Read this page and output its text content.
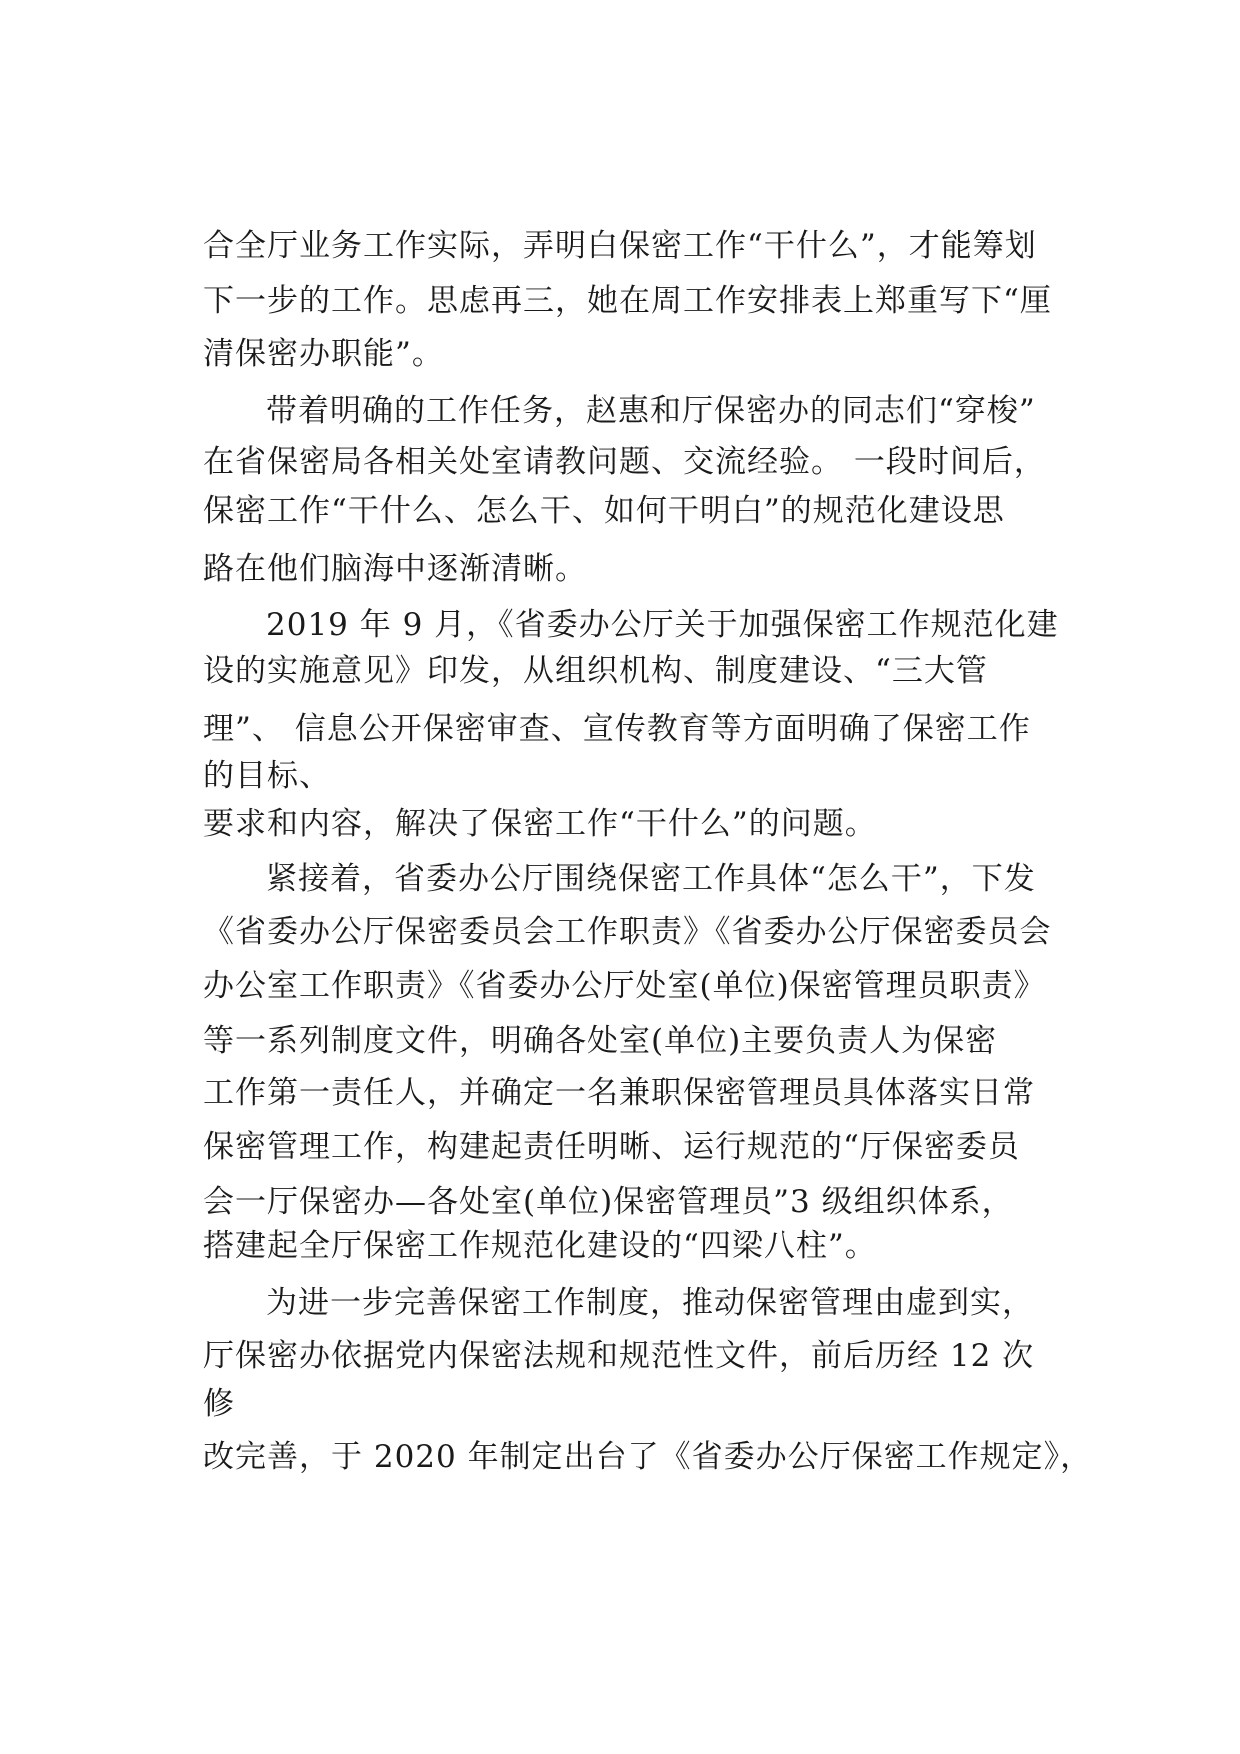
合全厅业务工作实际，弄明白保密工作“干什么”，才能筹划
下一步的工作。思虑再三，她在周工作安排表上郑重写下“厘
清保密办职能”。
带着明确的工作任务，赵惠和厅保密办的同志们“穿梭”
在省保密局各相关处室请教问题、交流经验。 一段时间后，
保密工作“干什么、怎么干、如何干明白”的规范化建设思
路在他们脑海中逐渐清晰。
2019 年 9 月，《省委办公厅关于加强保密工作规范化建
设的实施意见》印发，从组织机构、制度建设、“三大管
理”、 信息公开保密审查、宣传教育等方面明确了保密工作
的目标、
要求和内容，解决了保密工作“干什么”的问题。
紧接着，省委办公厅围绕保密工作具体“怎么干”，下发
《省委办公厅保密委员会工作职责》《省委办公厅保密委员会
办公室工作职责》《省委办公厅处室(单位)保密管理员职责》
等一系列制度文件，明确各处室(单位)主要负责人为保密
工作第一责任人，并确定一名兼职保密管理员具体落实日常
保密管理工作，构建起责任明晰、运行规范的“厅保密委员
会一厅保密办—各处室(单位)保密管理员”3 级组织体系，
搭建起全厅保密工作规范化建设的“四梁八柱”。
为进一步完善保密工作制度，推动保密管理由虚到实，
厅保密办依据党内保密法规和规范性文件，前后历经 12 次
修
改完善，于 2020 年制定出台了《省委办公厅保密工作规定》，
